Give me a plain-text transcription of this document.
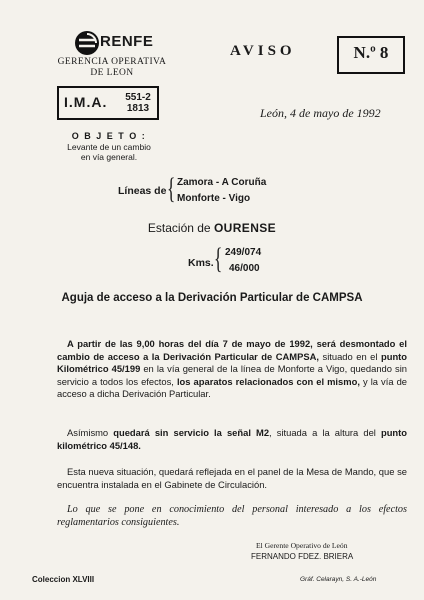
RENFE
GERENCIA OPERATIVA
DE LEON
I.M.A.	551-2
1813
O B J E T O :
Levante de un cambio
en vía general.
AVISO	N.º 8
León, 4 de mayo de 1992
Líneas de { Zamora - A Coruña
Monforte - Vigo
Estación de OURENSE
Kms. { 249/074
46/000
Aguja de acceso a la Derivación Particular de CAMPSA
A partir de las 9,00 horas del día 7 de mayo de 1992, será desmontado el cambio de acceso a la Derivación Particular de CAMPSA, situado en el punto Kilométrico 45/199 en la vía general de la línea de Monforte a Vigo, quedando sin servicio a todos los efectos, los aparatos relacionados con el mismo, y la vía de acceso a dicha Derivación Particular.
Asímismo quedará sin servicio la señal M2, situada a la altura del punto kilométrico 45/148.
Esta nueva situación, quedará reflejada en el panel de la Mesa de Mando, que se encuentra instalada en el Gabinete de Circulación.
Lo que se pone en conocimiento del personal interesado a los efectos reglamentarios consiguientes.
El Gerente Operativo de León
FERNANDO FDEZ. BRIERA
Coleccion XLVIII	Gráf. Celarayn, S. A.-León
